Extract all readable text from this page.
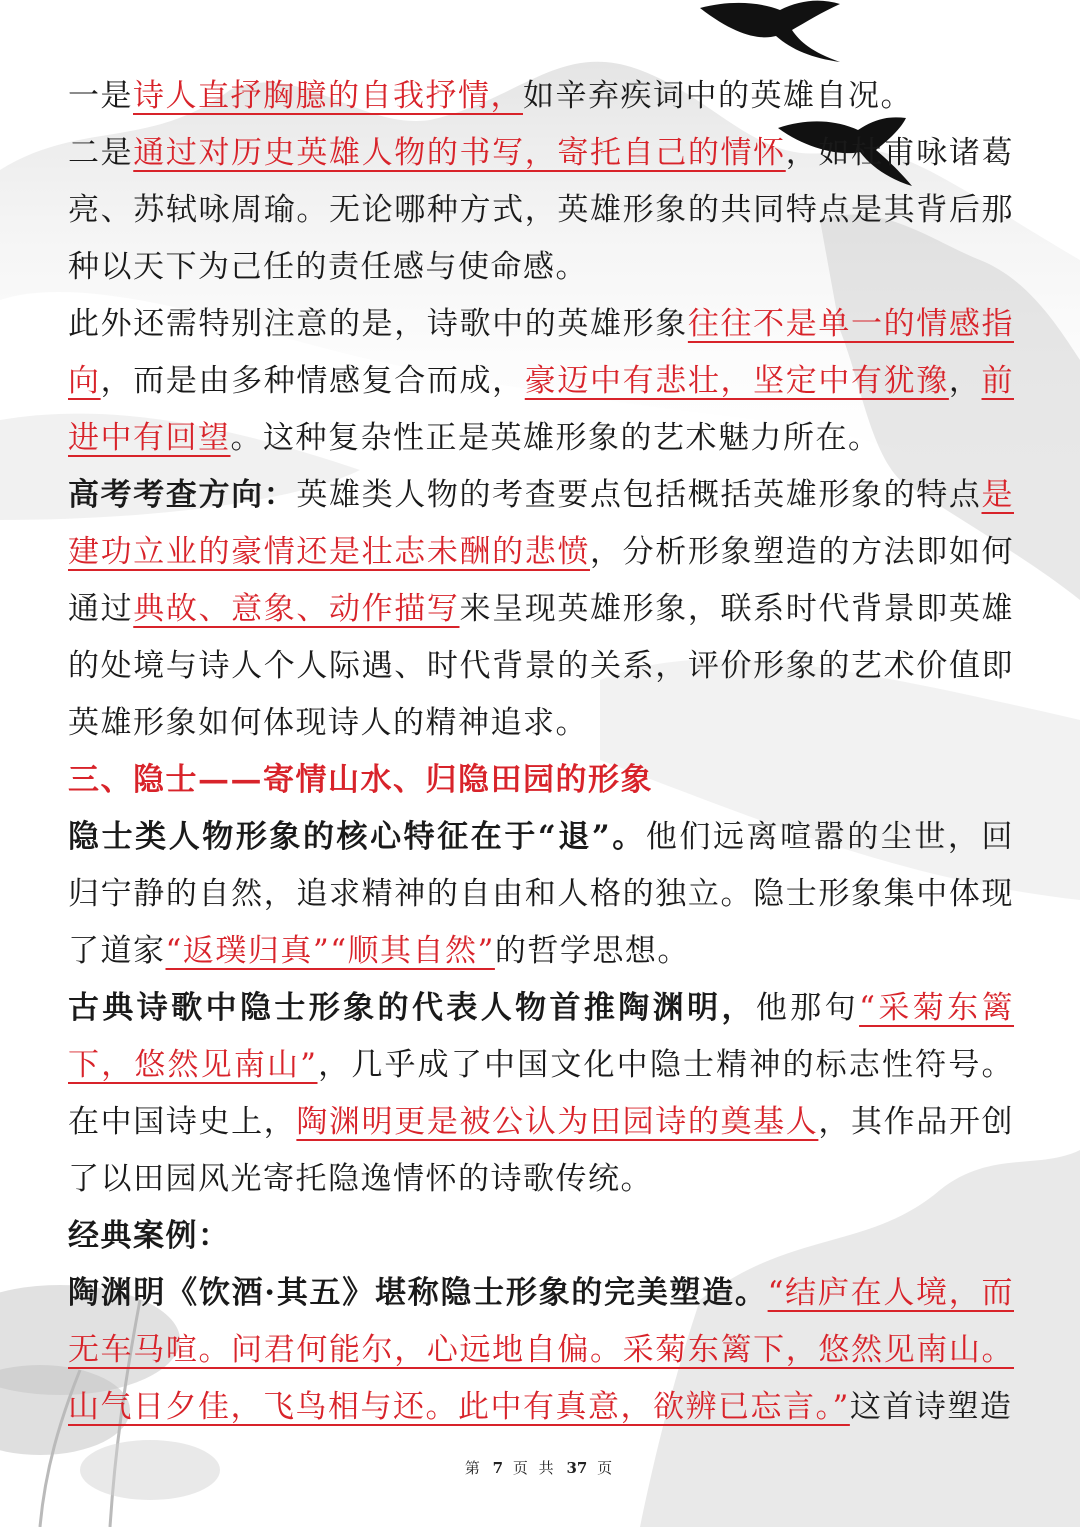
一是诗人直抒胸臆的自我抒情，如辛弃疾词中的英雄自况。

二是通过对历史英雄人物的书写，寄托自己的情怀，如杜甫咏诸葛亮、苏轼咏周瑜。无论哪种方式，英雄形象的共同特点是其背后那种以天下为己任的责任感与使命感。

此外还需特别注意的是，诗歌中的英雄形象往往不是单一的情感指向，而是由多种情感复合而成，豪迈中有悲壮，坚定中有犹豫，前进中有回望。这种复杂性正是英雄形象的艺术魅力所在。

高考考查方向：英雄类人物的考查要点包括概括英雄形象的特点是建功立业的豪情还是壮志未酬的悲愤，分析形象塑造的方法即如何通过典故、意象、动作描写来呈现英雄形象，联系时代背景即英雄的处境与诗人个人际遇、时代背景的关系，评价形象的艺术价值即英雄形象如何体现诗人的精神追求。

三、隐士——寄情山水、归隐田园的形象

隐士类人物形象的核心特征在于“退”。他们远离喧嚣的尘世，回归宁静的自然，追求精神的自由和人格的独立。隐士形象集中体现了道家“返璞归真”“顺其自然”的哲学思想。

古典诗歌中隐士形象的代表人物首推陶渊明，他那句“采菊东篱下，悠然见南山”，几乎成了中国文化中隐士精神的标志性符号。在中国诗史上，陶渊明更是被公认为田园诗的奠基人，其作品开创了以田园风光寄托隐逸情怀的诗歌传统。

经典案例：

陶渊明《饮酒·其五》堪称隐士形象的完美塑造。“结庐在人境，而无车马喧。问君何能尔，心远地自偏。采菊东篱下，悠然见南山。山气日夕佳，飞鸟相与还。此中有真意，欲辨已忘言。”这首诗塑造

第 7 页 共 37 页
